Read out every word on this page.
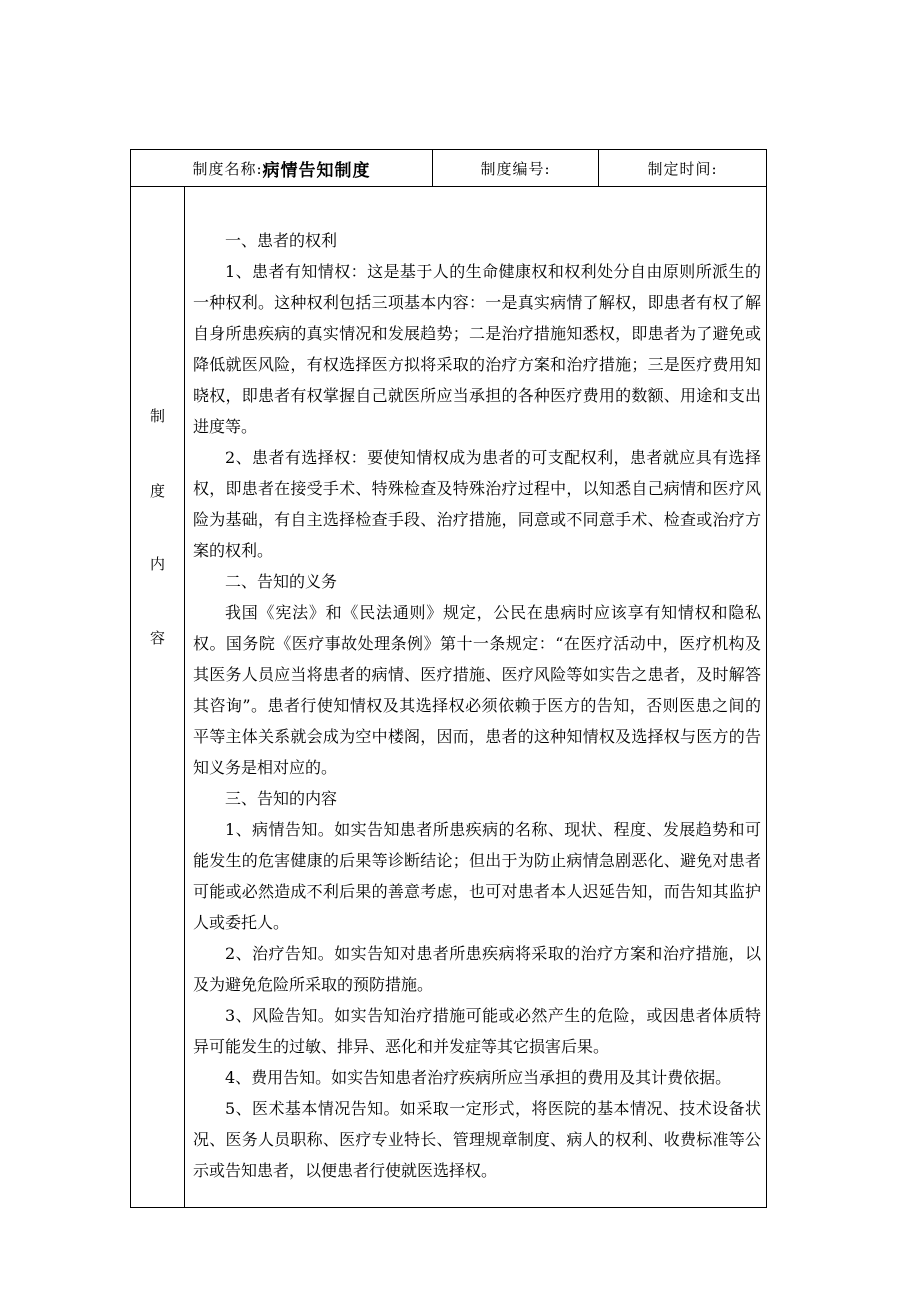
制度名称: 病情告知制度	制度编号:	制定时间:
制
度
内
容

一、患者的权利

1、患者有知情权：这是基于人的生命健康权和权利处分自由原则所派生的一种权利。这种权利包括三项基本内容：一是真实病情了解权，即患者有权了解自身所患疾病的真实情况和发展趋势；二是治疗措施知悉权，即患者为了避免或降低就医风险，有权选择医方拟将采取的治疗方案和治疗措施；三是医疗费用知晓权，即患者有权掌握自己就医所应当承担的各种医疗费用的数额、用途和支出进度等。

2、患者有选择权：要使知情权成为患者的可支配权利，患者就应具有选择权，即患者在接受手术、特殊检查及特殊治疗过程中，以知悉自己病情和医疗风险为基础，有自主选择检查手段、治疗措施，同意或不同意手术、检查或治疗方案的权利。

二、告知的义务

我国《宪法》和《民法通则》规定，公民在患病时应该享有知情权和隐私权。国务院《医疗事故处理条例》第十一条规定：“在医疗活动中，医疗机构及其医务人员应当将患者的病情、医疗措施、医疗风险等如实告之患者，及时解答其咨询”。患者行使知情权及其选择权必须依赖于医方的告知，否则医患之间的平等主体关系就会成为空中楼阁，因而，患者的这种知情权及选择权与医方的告知义务是相对应的。

三、告知的内容

1、病情告知。如实告知患者所患疾病的名称、现状、程度、发展趋势和可能发生的危害健康的后果等诊断结论；但出于为防止病情急剧恶化、避免对患者可能或必然造成不利后果的善意考虑，也可对患者本人迟延告知，而告知其监护人或委托人。

2、治疗告知。如实告知对患者所患疾病将采取的治疗方案和治疗措施，以及为避免危险所采取的预防措施。

3、风险告知。如实告知治疗措施可能或必然产生的危险，或因患者体质特异可能发生的过敏、排异、恶化和并发症等其它损害后果。

4、费用告知。如实告知患者治疗疾病所应当承担的费用及其计费依据。

5、医术基本情况告知。如采取一定形式，将医院的基本情况、技术设备状况、医务人员职称、医疗专业特长、管理规章制度、病人的权利、收费标准等公示或告知患者，以便患者行使就医选择权。
